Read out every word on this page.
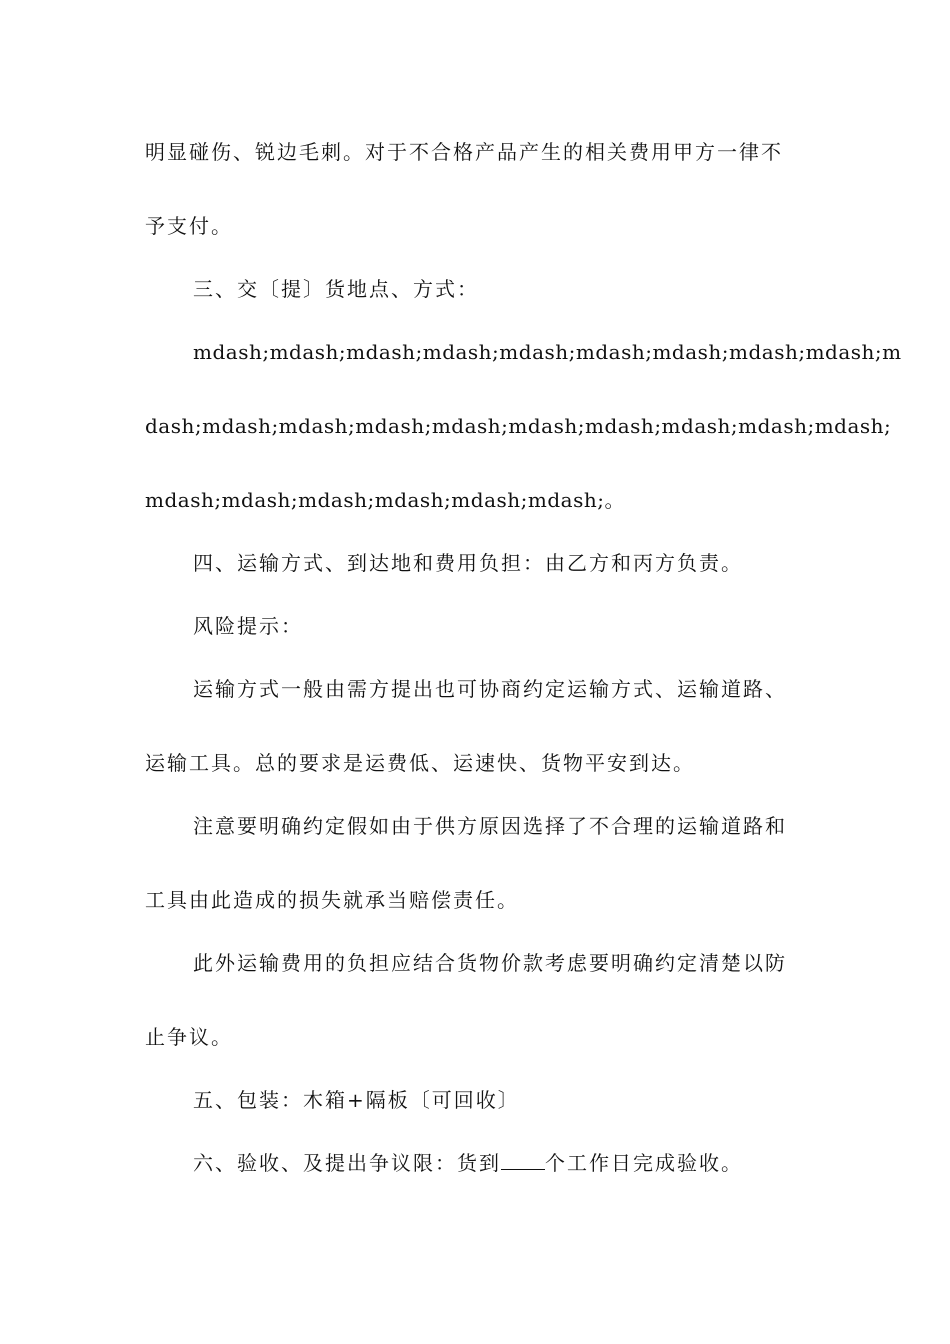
明显碰伤、锐边毛刺。对于不合格产品产生的相关费用甲方一律不
予支付。
三、交〔提〕货地点、方式：
mdash;mdash;mdash;mdash;mdash;mdash;mdash;mdash;mdash;m
dash;mdash;mdash;mdash;mdash;mdash;mdash;mdash;mdash;mdash;
mdash;mdash;mdash;mdash;mdash;mdash;。
四、运输方式、到达地和费用负担：由乙方和丙方负责。
风险提示：
运输方式一般由需方提出也可协商约定运输方式、运输道路、
运输工具。总的要求是运费低、运速快、货物平安到达。
注意要明确约定假如由于供方原因选择了不合理的运输道路和
工具由此造成的损失就承当赔偿责任。
此外运输费用的负担应结合货物价款考虑要明确约定清楚以防
止争议。
五、包装：木箱+隔板〔可回收〕
六、验收、及提出争议限：货到 个工作日完成验收。
